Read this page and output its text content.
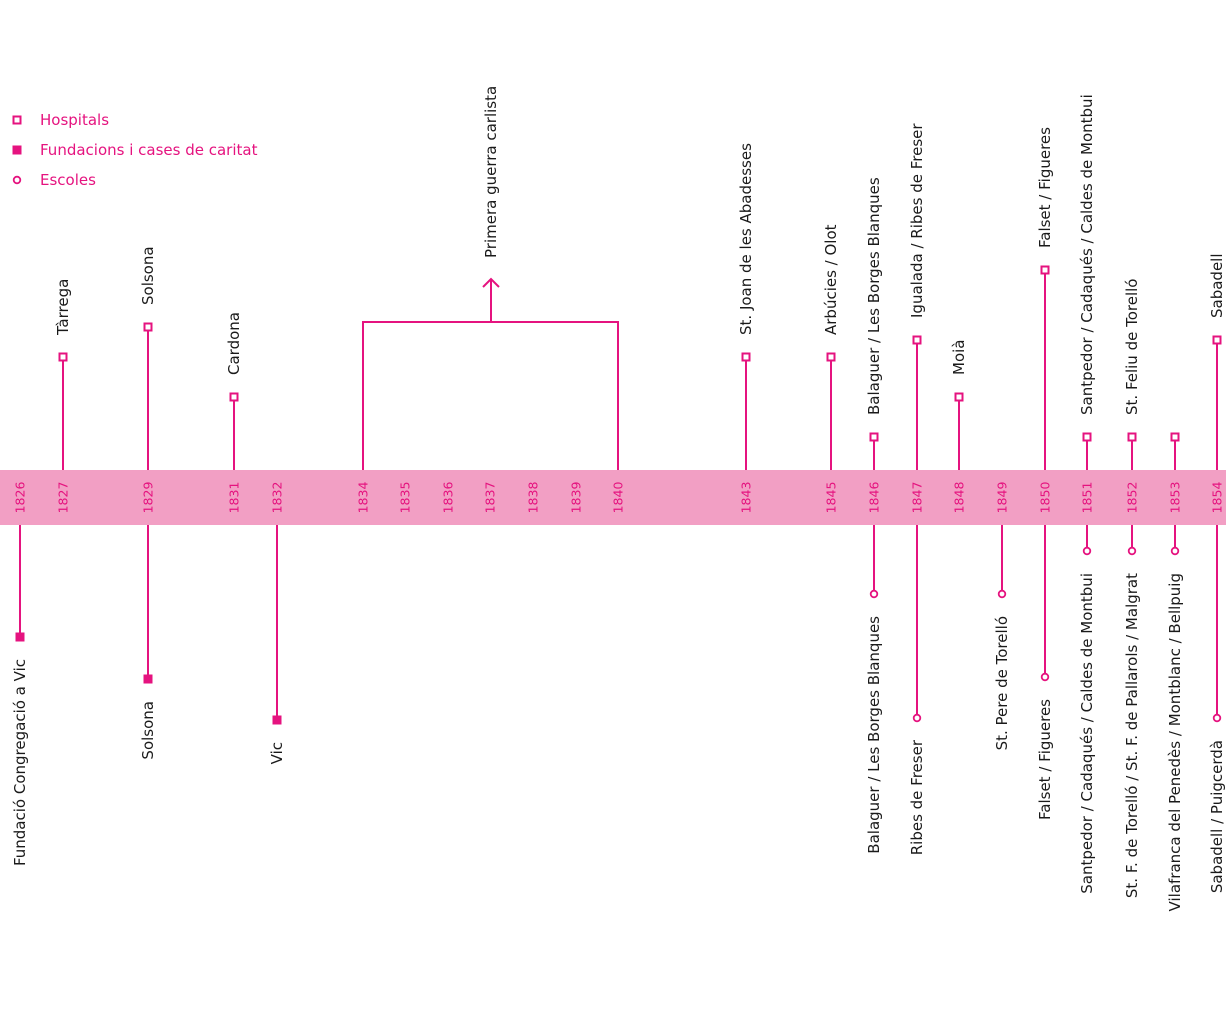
Hospitals
Fundacions i cases de caritat
Escoles	Primera guerra carlista
1826 1827	1829	1831 1832	1834 1835 1836 1837 1838 1839 1840	1843	1845 1846 1847 1848 1849 1850 1851 1852 1853 1854
Tàrrega
Solsona
Cardona
St. Joan de les Abadesses	Arbúcies / Olot Balaguer / Les Borges Blanques Igualada / Ribes de Freser
Moià
Falset / Figueres Santpedor / Cadaqués / Caldes de Montbui St. Feliu de Torelló	Sabadell
Fundació Congregació a Vic	Solsona	Vic	Balaguer / Les Borges Blanques Ribes de Freser
St. Pere de Torelló
Falset / Figueres Santpedor / Cadaqués / Caldes de Montbui St. F. de Torelló / St. F. de Pallarols / Malgrat Vilafranca del Penedès / Montblanc / Bellpuig Sabadell / Puigcerdà
